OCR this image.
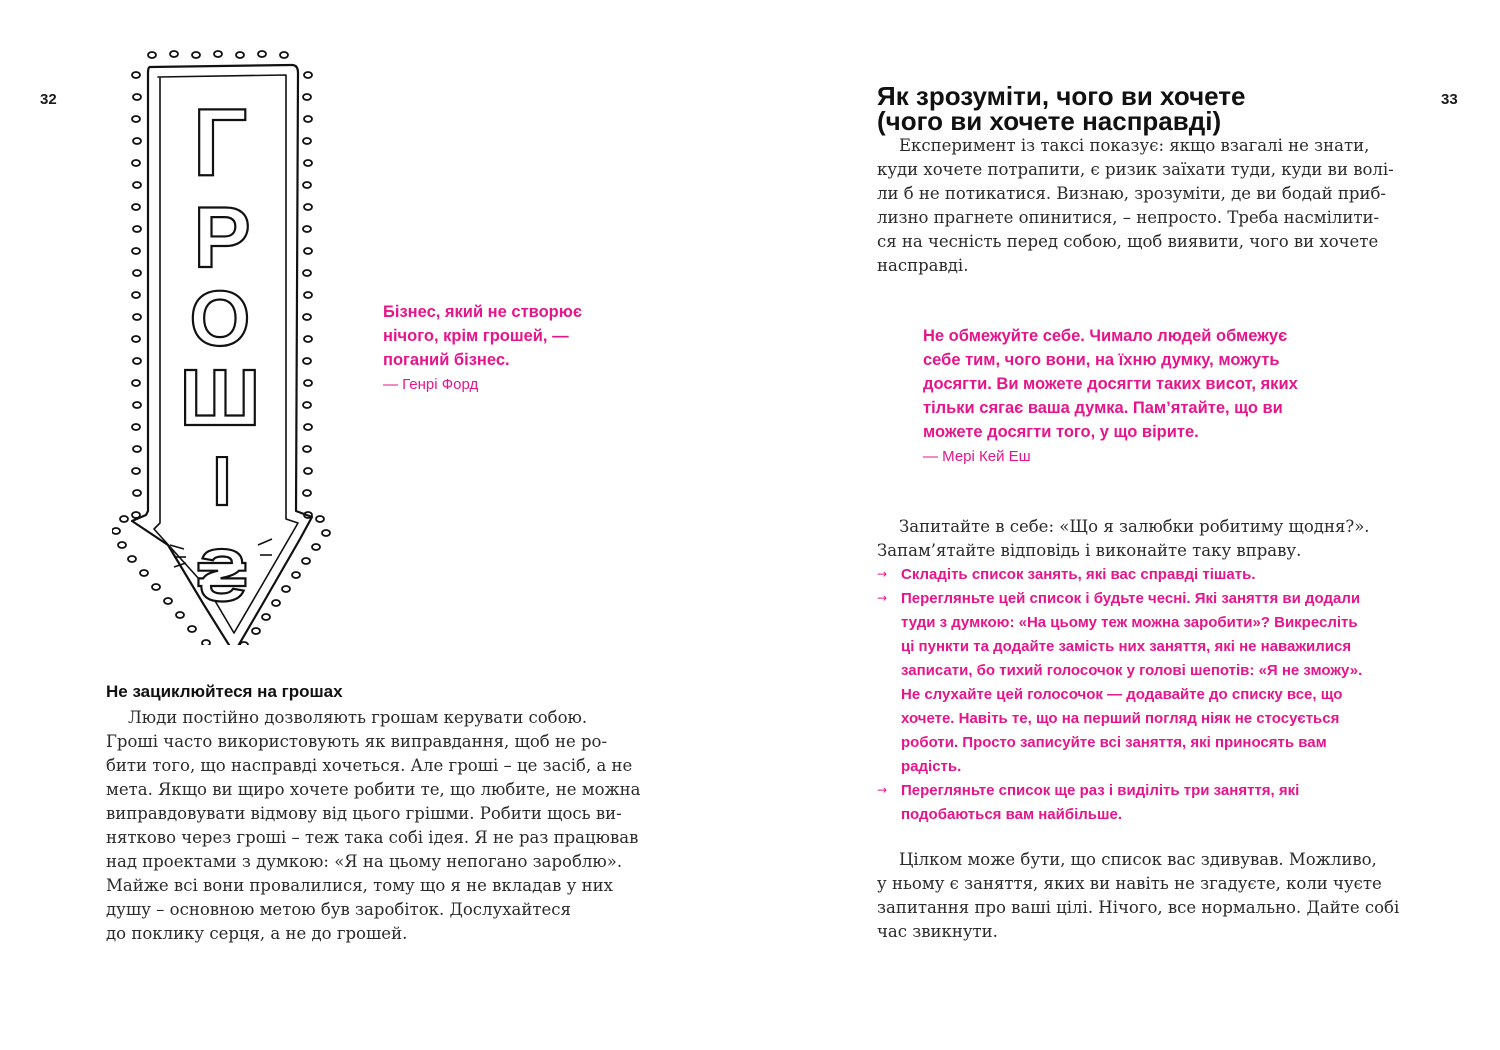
32 Г
Р
О
Ш
І
₴
Бізнес, який не створює
нічого, крім грошей, —
поганий бізнес.
— Генрі Форд
Не зациклюйтеся на грошах
Люди постійно дозволяють грошам керувати собою.
Гроші часто використовують як виправдання, щоб не ро-
бити того, що насправді хочеться. Але гроші – це засіб, а не
мета. Якщо ви щиро хочете робити те, що любите, не можна
виправдовувати відмову від цього грішми. Робити щось ви-
нятково через гроші – теж така собі ідея. Я не раз працював
над проектами з думкою: «Я на цьому непогано зароблю».
Майже всі вони провалилися, тому що я не вкладав у них
душу – основною метою був заробіток. Дослухайтеся
до поклику серця, а не до грошей.
33
Як зрозуміти, чого ви хочете
(чого ви хочете насправді)
Експеримент із таксі показує: якщо взагалі не знати,
куди хочете потрапити, є ризик заїхати туди, куди ви волі-
ли б не потикатися. Визнаю, зрозуміти, де ви бодай приб-
лизно прагнете опинитися, – непросто. Треба насмілити-
ся на чесність перед собою, щоб виявити, чого ви хочете
насправді.
Не обмежуйте себе. Чимало людей обмежує
себе тим, чого вони, на їхню думку, можуть
досягти. Ви можете досягти таких висот, яких
тільки сягає ваша думка. Пам’ятайте, що ви
можете досягти того, у що вірите.
— Мері Кей Еш
Запитайте в себе: «Що я залюбки робитиму щодня?».
Запам’ятайте відповідь і виконайте таку вправу.
→ Складіть список занять, які вас справді тішать.
→ Перегляньте цей список і будьте чесні. Які заняття ви додали
туди з думкою: «На цьому теж можна заробити»? Викресліть
ці пункти та додайте замість них заняття, які не наважилися
записати, бо тихий голосочок у голові шепотів: «Я не зможу».
Не слухайте цей голосочок — додавайте до списку все, що
хочете. Навіть те, що на перший погляд ніяк не стосується
роботи. Просто записуйте всі заняття, які приносять вам
радість.
→ Перегляньте список ще раз і виділіть три заняття, які
подобаються вам найбільше.
Цілком може бути, що список вас здивував. Можливо,
у ньому є заняття, яких ви навіть не згадуєте, коли чуєте
запитання про ваші цілі. Нічого, все нормально. Дайте собі
час звикнути.
